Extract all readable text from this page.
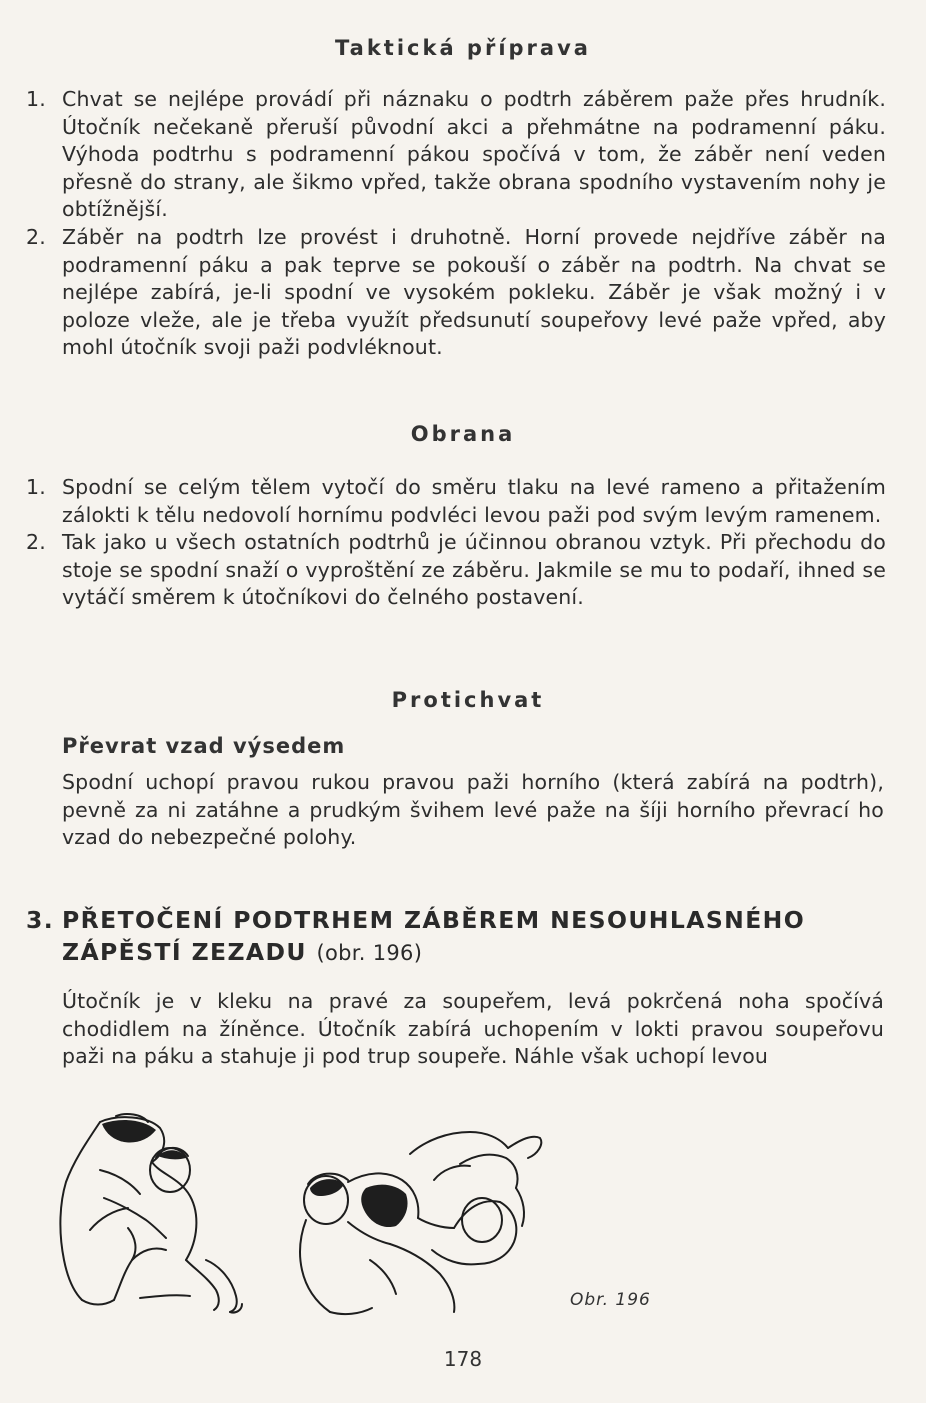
Taktická příprava
1. Chvat se nejlépe provádí při náznaku o podtrh záběrem paže přes hrudník. Útočník nečekaně přeruší původní akci a přehmátne na podramenní páku. Výhoda podtrhu s podramenní pákou spočívá v tom, že záběr není veden přesně do strany, ale šikmo vpřed, takže obrana spodního vystavením nohy je obtížnější.
2. Záběr na podtrh lze provést i druhotně. Horní provede nejdříve záběr na podramenní páku a pak teprve se pokouší o záběr na podtrh. Na chvat se nejlépe zabírá, je-li spodní ve vysokém pokleku. Záběr je však možný i v poloze vleže, ale je třeba využít předsunutí soupeřovy levé paže vpřed, aby mohl útočník svoji paži podvléknout.
Obrana
1. Spodní se celým tělem vytočí do směru tlaku na levé rameno a přitažením zálokti k tělu nedovolí hornímu podvléci levou paži pod svým levým ramenem.
2. Tak jako u všech ostatních podtrhů je účinnou obranou vztyk. Při přechodu do stoje se spodní snaží o vyproštění ze záběru. Jakmile se mu to podaří, ihned se vytáčí směrem k útočníkovi do čelného postavení.
Protichvat
Převrat vzad výsedem
Spodní uchopí pravou rukou pravou paži horního (která zabírá na podtrh), pevně za ni zatáhne a prudkým švihem levé paže na šíji horního převrací ho vzad do nebezpečné polohy.
3. PŘETOČENÍ PODTRHEM ZÁBĚREM NESOUHLASNÉHO ZÁPĚSTÍ ZEZADU (obr. 196)
Útočník je v kleku na pravé za soupeřem, levá pokrčená noha spočívá chodidlem na žíněnce. Útočník zabírá uchopením v lokti pravou soupeřovu paži na páku a stahuje ji pod trup soupeře. Náhle však uchopí levou
Obr. 196
178
